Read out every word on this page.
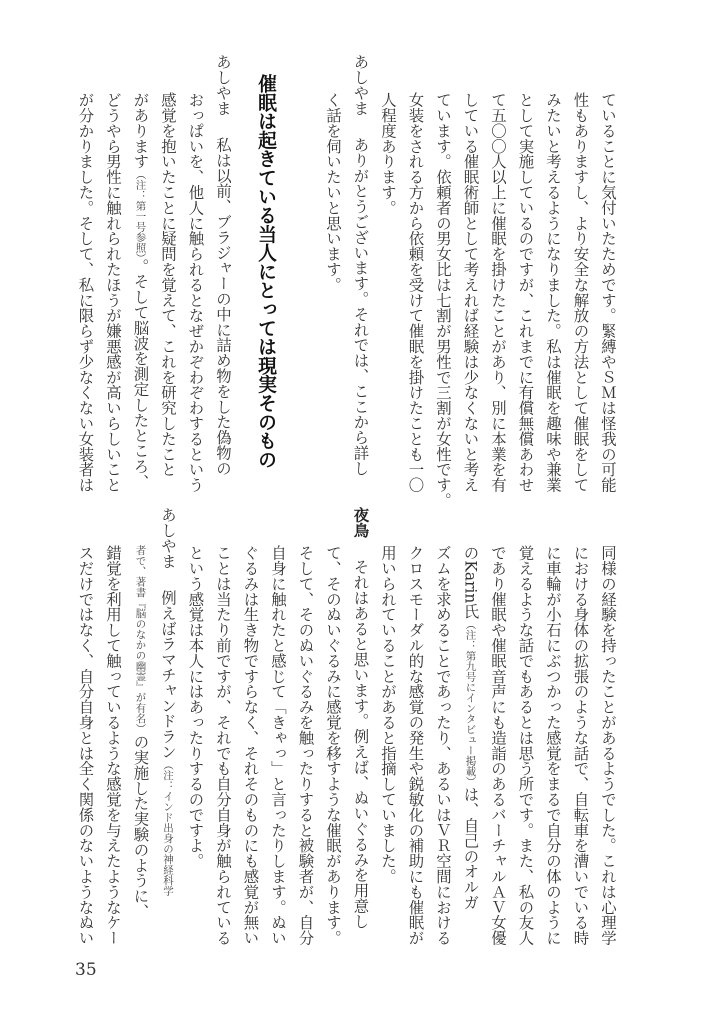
催眠は起きている当人にとっては現実そのもの	ていることに気付いたためです。緊縛やＳＭは怪我の可能
性もありますし、より安全な解放の方法として催眠をして
みたいと考えるようになりました。私は催眠を趣味や兼業
として実施しているのですが、これまでに有償無償あわせ
て五〇〇人以上に催眠を掛けたことがあり、別に本業を有
している催眠術師として考えれば経験は少なくないと考え
ています。依頼者の男女比は七割が男性で三割が女性です。
女装をされる方から依頼を受けて催眠を掛けたことも一〇
人程度あります。
あしやまありがとうございます。それでは、ここから詳し
く話を伺いたいと思います。
あしやま私は以前、ブラジャーの中に詰め物をした偽物の
おっぱいを、他人に触られるとなぜかぞわぞわするという
感覚を抱いたことに疑問を覚えて、これを研究したこと
があります（注：第一号参照）。そして脳波を測定したところ、
どうやら男性に触れられたほうが嫌悪感が高いらしいこと
が分かりました。そして、私に限らず少なくない女装者は
同様の経験を持ったことがあるようでした。これは心理学
における身体の拡張のような話で、自転車を漕いでいる時
に車輪が小石にぶつかった感覚をまるで自分の体のように
覚えるような話でもあるとは思う所です。また、私の友人
であり催眠や催眠音声にも造詣のあるバーチャルＡＶ女優
のKarin氏（注：第九号にインタビュー掲載）は、自己のオルガ
ズムを求めることであったり、あるいはＶＲ空間における
クロスモーダル的な感覚の発生や鋭敏化の補助にも催眠が
用いられていることがあると指摘していました。
夜鳥それはあると思います。例えば、ぬいぐるみを用意し
て、そのぬいぐるみに感覚を移すような催眠があります。
そして、そのぬいぐるみを触ったりすると被験者が、自分
自身に触れたと感じて「きゃっ」と言ったりします。ぬい
ぐるみは生き物ですらなく、それそのものにも感覚が無い
ことは当たり前ですが、それでも自分自身が触られている
という感覚は本人にはあったりするのですよ。
あしやま例えばラマチャンドラン（注：インド出身の神経科学
者で、著書『脳のなかの幽霊』が有名）の実施した実験のように、
錯覚を利用して触っているような感覚を与えたようなケー
スだけではなく、自分自身とは全く関係のないようなぬい
35
